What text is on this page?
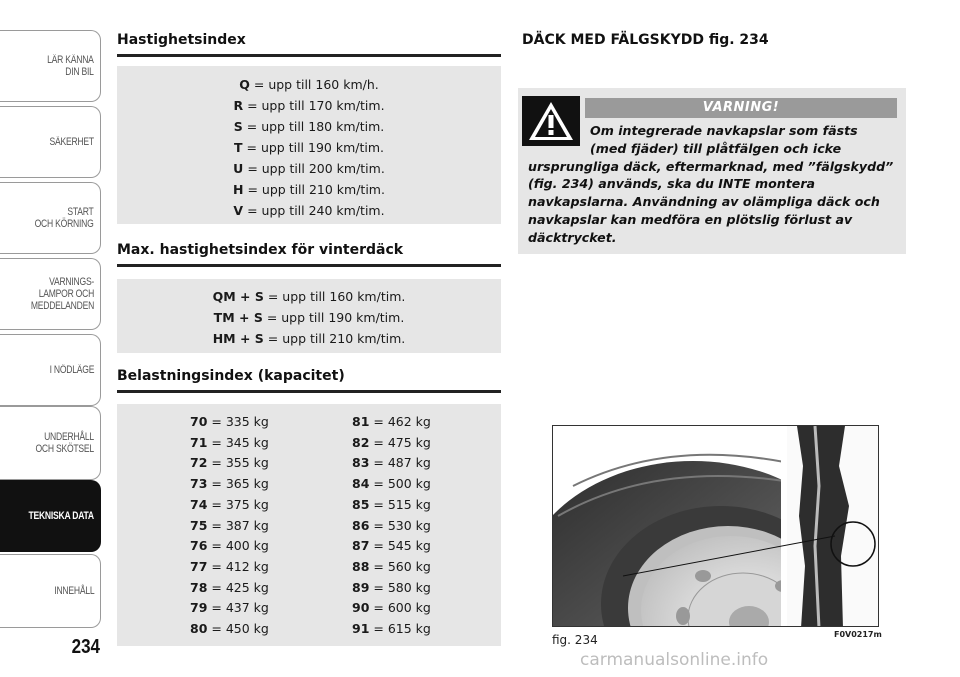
LÄR KÄNNA
DIN BIL
SÄKERHET
START
OCH KÖRNING
VARNINGS-
LAMPOR OCH
MEDDELANDEN
I NÖDLÄGE
UNDERHÅLL
OCH SKÖTSEL
TEKNISKA DATA
INNEHÅLL
234
Hastighetsindex
Q = upp till 160 km/h.
R = upp till 170 km/tim.
S = upp till 180 km/tim.
T = upp till 190 km/tim.
U = upp till 200 km/tim.
H = upp till 210 km/tim.
V = upp till 240 km/tim.
Max. hastighetsindex för vinterdäck
QM + S = upp till 160 km/tim.
TM + S = upp till 190 km/tim.
HM + S = upp till 210 km/tim.
Belastningsindex (kapacitet)
70 = 335 kg
71 = 345 kg
72 = 355 kg
73 = 365 kg
74 = 375 kg
75 = 387 kg
76 = 400 kg
77 = 412 kg
78 = 425 kg
79 = 437 kg
80 = 450 kg
81 = 462 kg
82 = 475 kg
83 = 487 kg
84 = 500 kg
85 = 515 kg
86 = 530 kg
87 = 545 kg
88 = 560 kg
89 = 580 kg
90 = 600 kg
91 = 615 kg
DÄCK MED FÄLGSKYDD fig. 234
VARNING!
Om integrerade navkapslar som fästs
(med fjäder) till plåtfälgen och icke
ursprungliga däck, eftermarknad, med ”fälgskydd” (fig. 234) används, ska du INTE montera navkapslarna. Användning av olämpliga däck och navkapslar kan medföra en plötslig förlust av däcktrycket.
F0V0217m
fig. 234
carmanualsonline.info
